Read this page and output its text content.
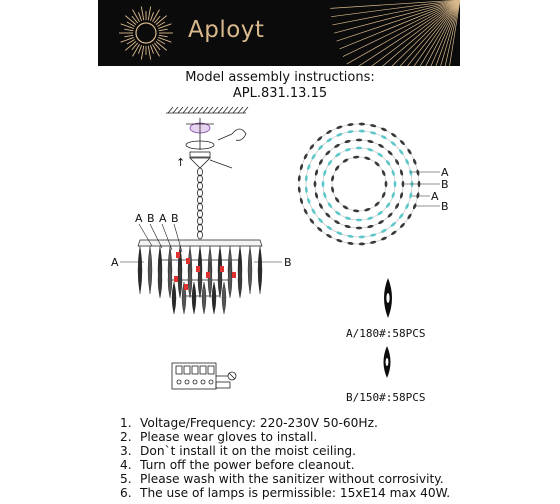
Aployt
Model assembly instructions:
APL.831.13.15
↑
A B A B
A	B
A
B
A
B
A/180#:58PCS
B/150#:58PCS
1. Voltage/Frequency: 220-230V 50-60Hz.
2. Please wear gloves to install.
3. Don`t install it on the moist ceiling.
4. Turn off the power before cleanout.
5. Please wash with the sanitizer without corrosivity.
6. The use of lamps is permissible: 15xE14 max 40W.
